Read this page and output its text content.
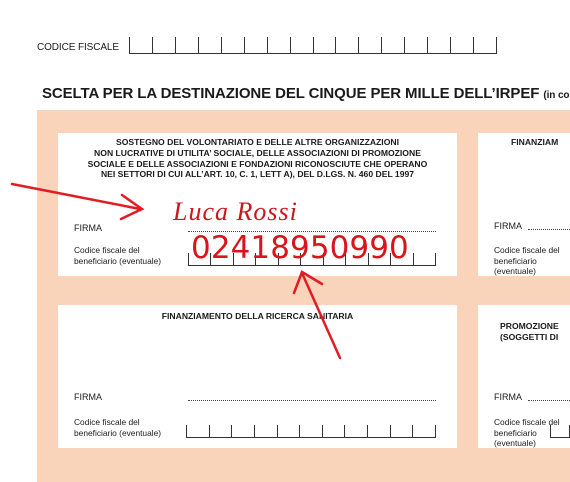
CODICE FISCALE
SCELTA PER LA DESTINAZIONE DEL CINQUE PER MILLE DELL’IRPEF (in co
SOSTEGNO DEL VOLONTARIATO E DELLE ALTRE ORGANIZZAZIONI
NON LUCRATIVE DI UTILITA’ SOCIALE, DELLE ASSOCIAZIONI DI PROMOZIONE
SOCIALE E DELLE ASSOCIAZIONI E FONDAZIONI RICONOSCIUTE CHE OPERANO
NEI SETTORI DI CUI ALL’ART. 10, C. 1, LETT A), DEL D.LGS. N. 460 DEL 1997
FIRMA
Luca Rossi
Codice fiscale del
beneficiario (eventuale) 0 2 4 1 8 9 5 0 9 9 0
FINANZIAM
FIRMA
Codice fiscale del
beneficiario (eventuale)
FINANZIAMENTO DELLA RICERCA SANITARIA
FIRMA
Codice fiscale del
beneficiario (eventuale)
PROMOZIONE
(SOGGETTI DI
FIRMA
Codice fiscale del
beneficiario (eventuale)
